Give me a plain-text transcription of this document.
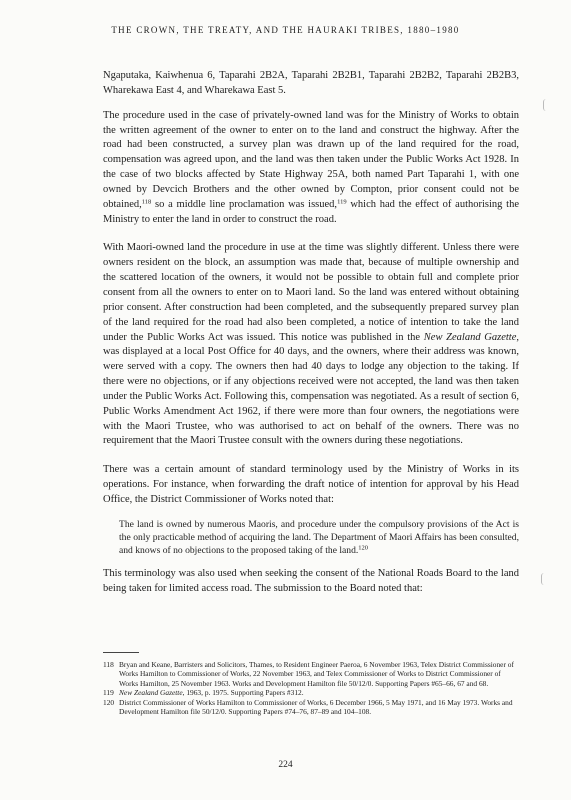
THE CROWN, THE TREATY, AND THE HAURAKI TRIBES, 1880–1980

Ngaputaka, Kaiwhenua 6, Taparahi 2B2A, Taparahi 2B2B1, Taparahi 2B2B2, Taparahi 2B2B3, Wharekawa East 4, and Wharekawa East 5.

The procedure used in the case of privately-owned land was for the Ministry of Works to obtain the written agreement of the owner to enter on to the land and construct the highway. After the road had been constructed, a survey plan was drawn up of the land required for the road, compensation was agreed upon, and the land was then taken under the Public Works Act 1928. In the case of two blocks affected by State Highway 25A, both named Part Taparahi 1, with one owned by Devcich Brothers and the other owned by Compton, prior consent could not be obtained,$^{118}$ so a middle line proclamation was issued,$^{119}$ which had the effect of authorising the Ministry to enter the land in order to construct the road.

With Maori-owned land the procedure in use at the time was slightly different. Unless there were owners resident on the block, an assumption was made that, because of multiple ownership and the scattered location of the owners, it would not be possible to obtain full and complete prior consent from all the owners to enter on to Maori land. So the land was entered without obtaining prior consent. After construction had been completed, and the subsequently prepared survey plan of the land required for the road had also been completed, a notice of intention to take the land under the Public Works Act was issued. This notice was published in the New Zealand Gazette, was displayed at a local Post Office for 40 days, and the owners, where their address was known, were served with a copy. The owners then had 40 days to lodge any objection to the taking. If there were no objections, or if any objections received were not accepted, the land was then taken under the Public Works Act. Following this, compensation was negotiated. As a result of section 6, Public Works Amendment Act 1962, if there were more than four owners, the negotiations were with the Maori Trustee, who was authorised to act on behalf of the owners. There was no requirement that the Maori Trustee consult with the owners during these negotiations.

There was a certain amount of standard terminology used by the Ministry of Works in its operations. For instance, when forwarding the draft notice of intention for approval by his Head Office, the District Commissioner of Works noted that:

The land is owned by numerous Maoris, and procedure under the compulsory provisions of the Act is the only practicable method of acquiring the land. The Department of Maori Affairs has been consulted, and knows of no objections to the proposed taking of the land.$^{120}$

This terminology was also used when seeking the consent of the National Roads Board to the land being taken for limited access road. The submission to the Board noted that:

118 Bryan and Keane, Barristers and Solicitors, Thames, to Resident Engineer Paeroa, 6 November 1963, Telex District Commissioner of Works Hamilton to Commissioner of Works, 22 November 1963, and Telex Commissioner of Works to District Commissioner of Works Hamilton, 25 November 1963. Works and Development Hamilton file 50/12/0. Supporting Papers #65–66, 67 and 68.
119 New Zealand Gazette, 1963, p. 1975. Supporting Papers #312.
120 District Commissioner of Works Hamilton to Commissioner of Works, 6 December 1966, 5 May 1971, and 16 May 1973. Works and Development Hamilton file 50/12/0. Supporting Papers #74–76, 87–89 and 104–108.
224
